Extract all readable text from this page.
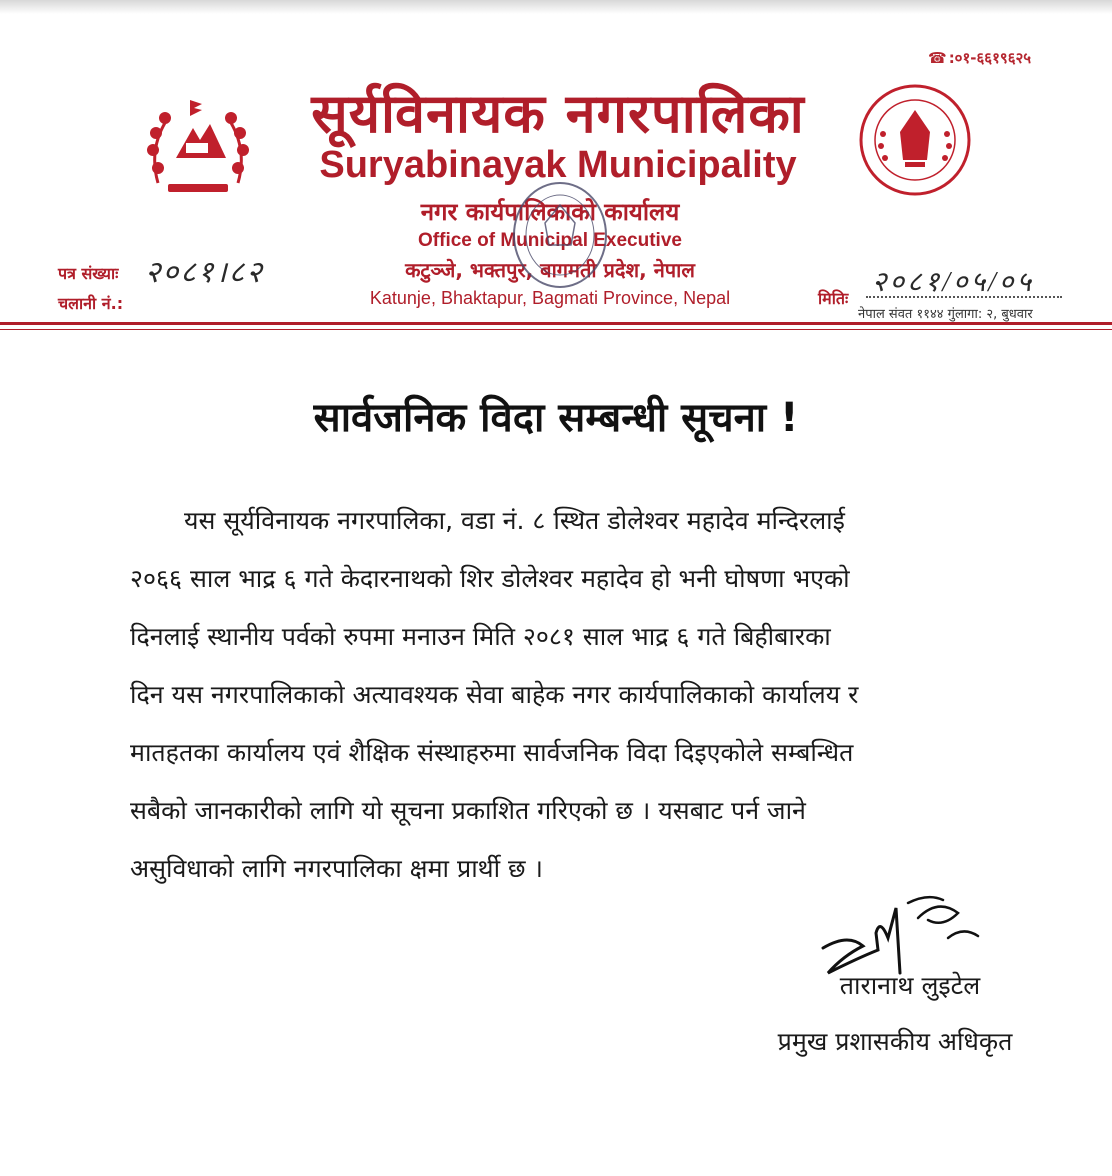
☎ :०१-६६१९६२५
सूर्यविनायक नगरपालिका
Suryabinayak Municipality
नगर कार्यपालिकाको कार्यालय
Office of Municipal Executive
कटुञ्जे, भक्तपुर, बागमती प्रदेश, नेपाल
Katunje, Bhaktapur, Bagmati Province, Nepal
पत्र संख्याः २०८१।८२
चलानी नं.:	मितिः
२०८१/०५/०५
नेपाल संवत ११४४ गुंलागा: २, बुधवार
सार्वजनिक विदा सम्बन्धी सूचना !
यस सूर्यविनायक नगरपालिका, वडा नं. ८ स्थित डोलेश्वर महादेव मन्दिरलाई
२०६६ साल भाद्र ६ गते केदारनाथको शिर डोलेश्वर महादेव हो भनी घोषणा भएको
दिनलाई स्थानीय पर्वको रुपमा मनाउन मिति २०८१ साल भाद्र ६ गते बिहीबारका
दिन यस नगरपालिकाको अत्यावश्यक सेवा बाहेक नगर कार्यपालिकाको कार्यालय र
मातहतका कार्यालय एवं शैक्षिक संस्थाहरुमा सार्वजनिक विदा दिइएकोले सम्बन्धित
सबैको जानकारीको लागि यो सूचना प्रकाशित गरिएको छ । यसबाट पर्न जाने
असुविधाको लागि नगरपालिका क्षमा प्रार्थी छ ।
तारानाथ लुइटेल
प्रमुख प्रशासकीय अधिकृत
